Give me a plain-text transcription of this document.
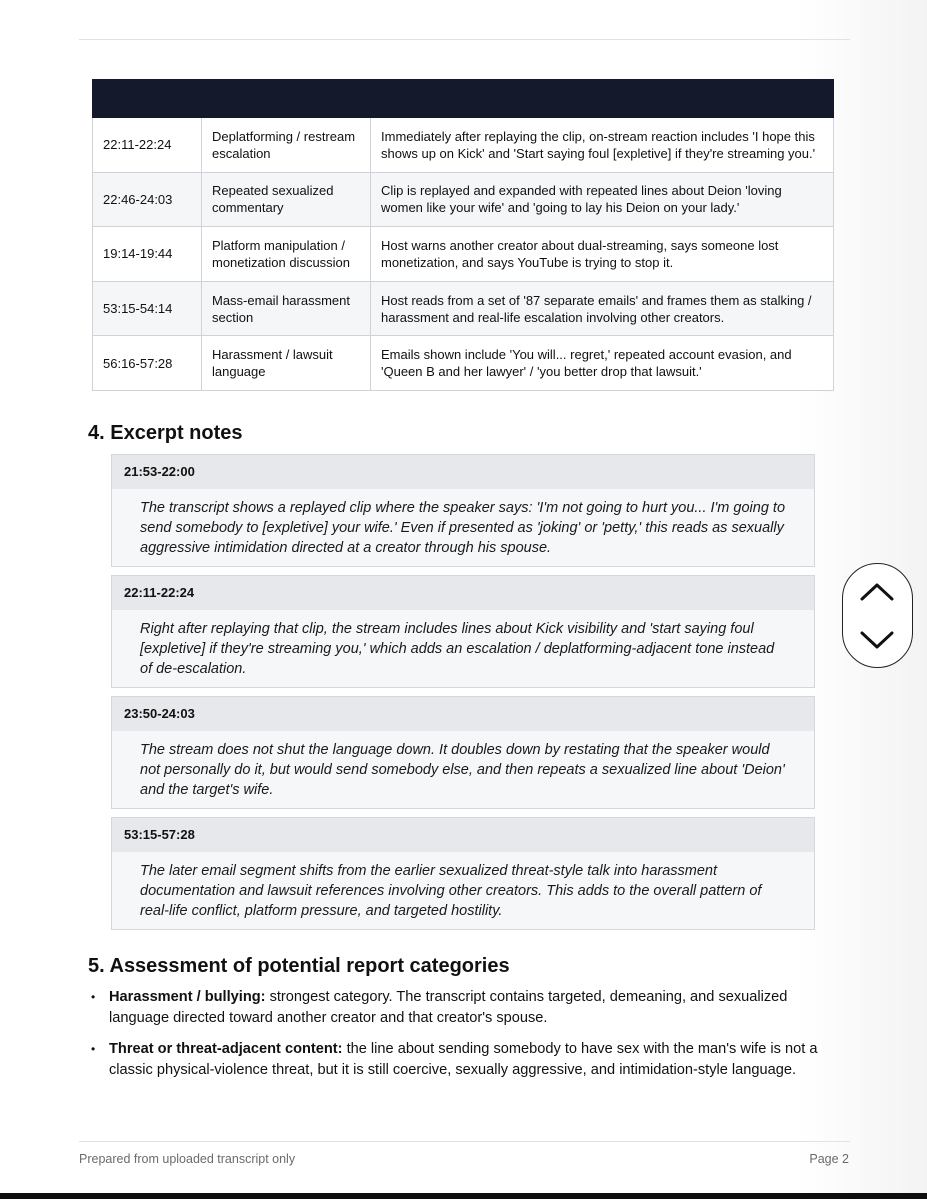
Time	Issue type	Why it matters
22:11-22:24	Deplatforming / restream escalation	Immediately after replaying the clip, on-stream reaction includes 'I hope this shows up on Kick' and 'Start saying foul [expletive] if they're streaming you.'
22:46-24:03	Repeated sexualized commentary	Clip is replayed and expanded with repeated lines about Deion 'loving women like your wife' and 'going to lay his Deion on your lady.'
19:14-19:44	Platform manipulation / monetization discussion	Host warns another creator about dual-streaming, says someone lost monetization, and says YouTube is trying to stop it.
53:15-54:14	Mass-email harassment section	Host reads from a set of '87 separate emails' and frames them as stalking / harassment and real-life escalation involving other creators.
56:16-57:28	Harassment / lawsuit language	Emails shown include 'You will... regret,' repeated account evasion, and 'Queen B and her lawyer' / 'you better drop that lawsuit.'
4. Excerpt notes
21:53-22:00
The transcript shows a replayed clip where the speaker says: 'I'm not going to hurt you... I'm going to send somebody to [expletive] your wife.' Even if presented as 'joking' or 'petty,' this reads as sexually aggressive intimidation directed at a creator through his spouse.
22:11-22:24
Right after replaying that clip, the stream includes lines about Kick visibility and 'start saying foul [expletive] if they're streaming you,' which adds an escalation / deplatforming-adjacent tone instead of de-escalation.
23:50-24:03
The stream does not shut the language down. It doubles down by restating that the speaker would not personally do it, but would send somebody else, and then repeats a sexualized line about 'Deion' and the target's wife.
53:15-57:28
The later email segment shifts from the earlier sexualized threat-style talk into harassment documentation and lawsuit references involving other creators. This adds to the overall pattern of real-life conflict, platform pressure, and targeted hostility.
5. Assessment of potential report categories
• Harassment / bullying: strongest category. The transcript contains targeted, demeaning, and sexualized language directed toward another creator and that creator's spouse.
• Threat or threat-adjacent content: the line about sending somebody to have sex with the man's wife is not a classic physical-violence threat, but it is still coercive, sexually aggressive, and intimidation-style language.
Prepared from uploaded transcript only	Page 2
